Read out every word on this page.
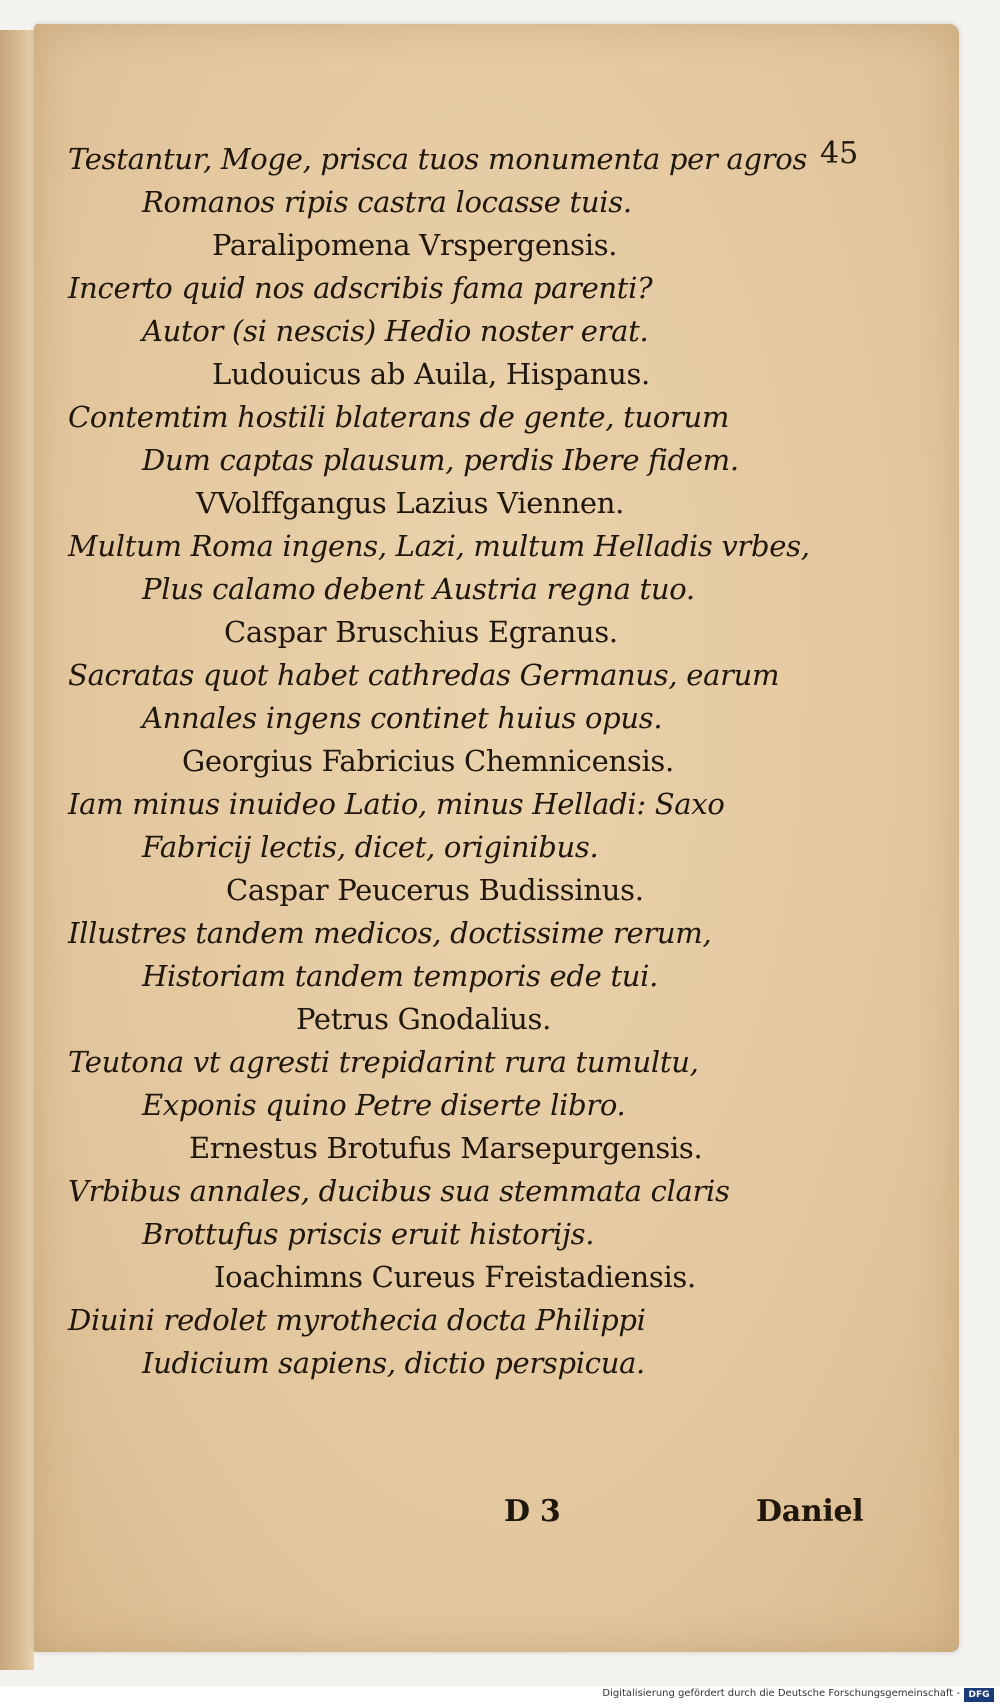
45
Testantur, Moge, prisca tuos monumenta per agros
Romanos ripis castra locasse tuis.
Paralipomena Vrspergensis.
Incerto quid nos adscribis fama parenti?
Autor (si nescis) Hedio noster erat.
Ludouicus ab Auila, Hispanus.
Contemtim hostili blaterans de gente, tuorum
Dum captas plausum, perdis Ibere fidem.
VVolffgangus Lazius Viennen.
Multum Roma ingens, Lazi, multum Helladis vrbes,
Plus calamo debent Austria regna tuo.
Caspar Bruschius Egranus.
Sacratas quot habet cathredas Germanus, earum
Annales ingens continet huius opus.
Georgius Fabricius Chemnicensis.
Iam minus inuideo Latio, minus Helladi: Saxo
Fabricij lectis, dicet, originibus.
Caspar Peucerus Budissinus.
Illustres tandem medicos, doctissime rerum,
Historiam tandem temporis ede tui.
Petrus Gnodalius.
Teutona vt agresti trepidarint rura tumultu,
Exponis quino Petre diserte libro.
Ernestus Brotufus Marsepurgensis.
Vrbibus annales, ducibus sua stemmata claris
Brottufus priscis eruit historijs.
Ioachimns Cureus Freistadiensis.
Diuini redolet myrothecia docta Philippi
Iudicium sapiens, dictio perspicua.
D 3	Daniel
Digitalisierung gefördert durch die Deutsche Forschungsgemeinschaft - DFG
